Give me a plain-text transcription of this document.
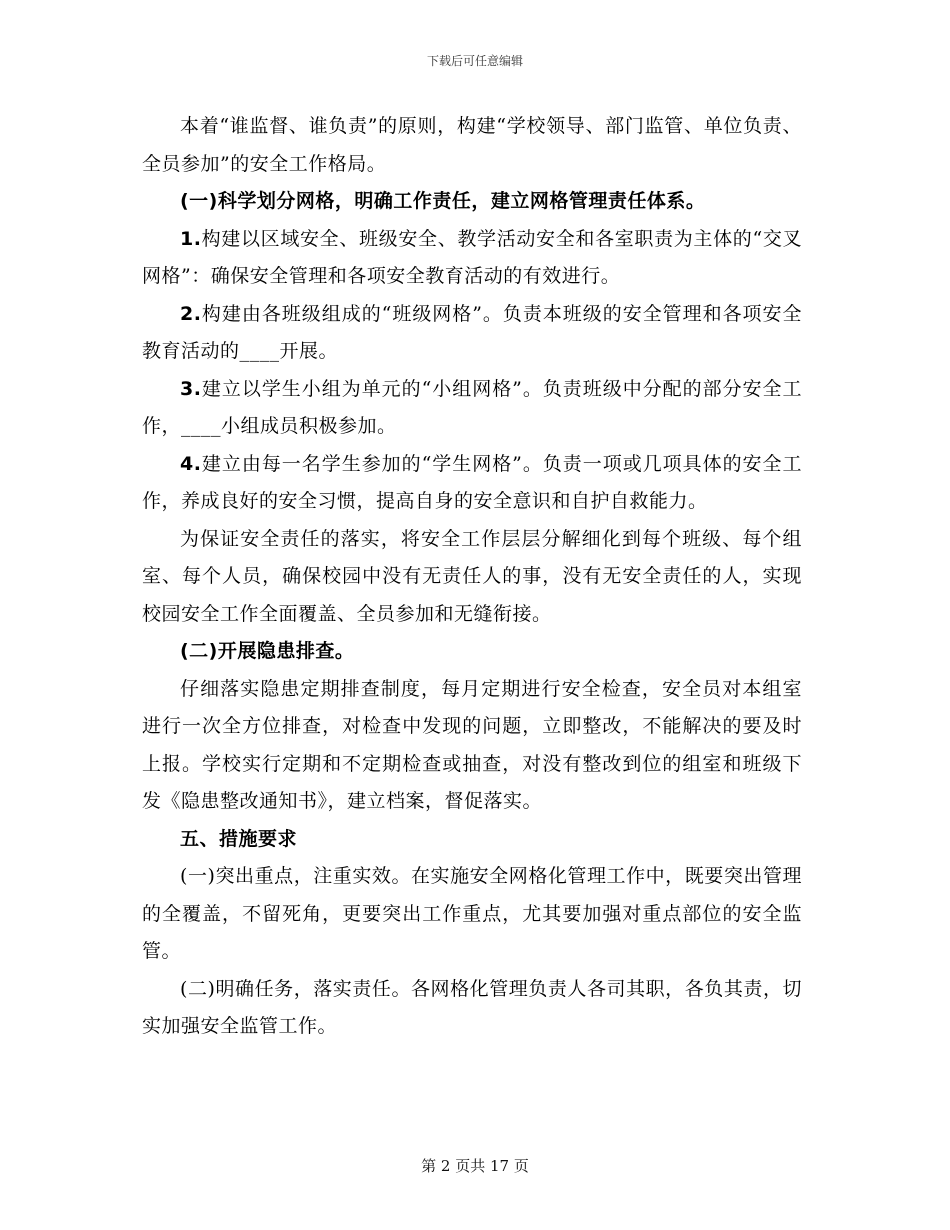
下载后可任意编辑

本着“谁监督、谁负责”的原则，构建“学校领导、部门监管、单位负责、全员参加”的安全工作格局。

(一)科学划分网格，明确工作责任，建立网格管理责任体系。

1.构建以区域安全、班级安全、教学活动安全和各室职责为主体的“交叉网格”：确保安全管理和各项安全教育活动的有效进行。

2.构建由各班级组成的“班级网格”。负责本班级的安全管理和各项安全教育活动的____开展。

3.建立以学生小组为单元的“小组网格”。负责班级中分配的部分安全工作，____小组成员积极参加。

4.建立由每一名学生参加的“学生网格”。负责一项或几项具体的安全工作，养成良好的安全习惯，提高自身的安全意识和自护自救能力。

为保证安全责任的落实，将安全工作层层分解细化到每个班级、每个组室、每个人员，确保校园中没有无责任人的事，没有无安全责任的人，实现校园安全工作全面覆盖、全员参加和无缝衔接。

(二)开展隐患排查。

仔细落实隐患定期排查制度，每月定期进行安全检查，安全员对本组室进行一次全方位排查，对检查中发现的问题，立即整改，不能解决的要及时上报。学校实行定期和不定期检查或抽查，对没有整改到位的组室和班级下发《隐患整改通知书》，建立档案，督促落实。

五、措施要求

(一)突出重点，注重实效。在实施安全网格化管理工作中，既要突出管理的全覆盖，不留死角，更要突出工作重点，尤其要加强对重点部位的安全监管。

(二)明确任务，落实责任。各网格化管理负责人各司其职，各负其责，切实加强安全监管工作。

第 2 页共 17 页
